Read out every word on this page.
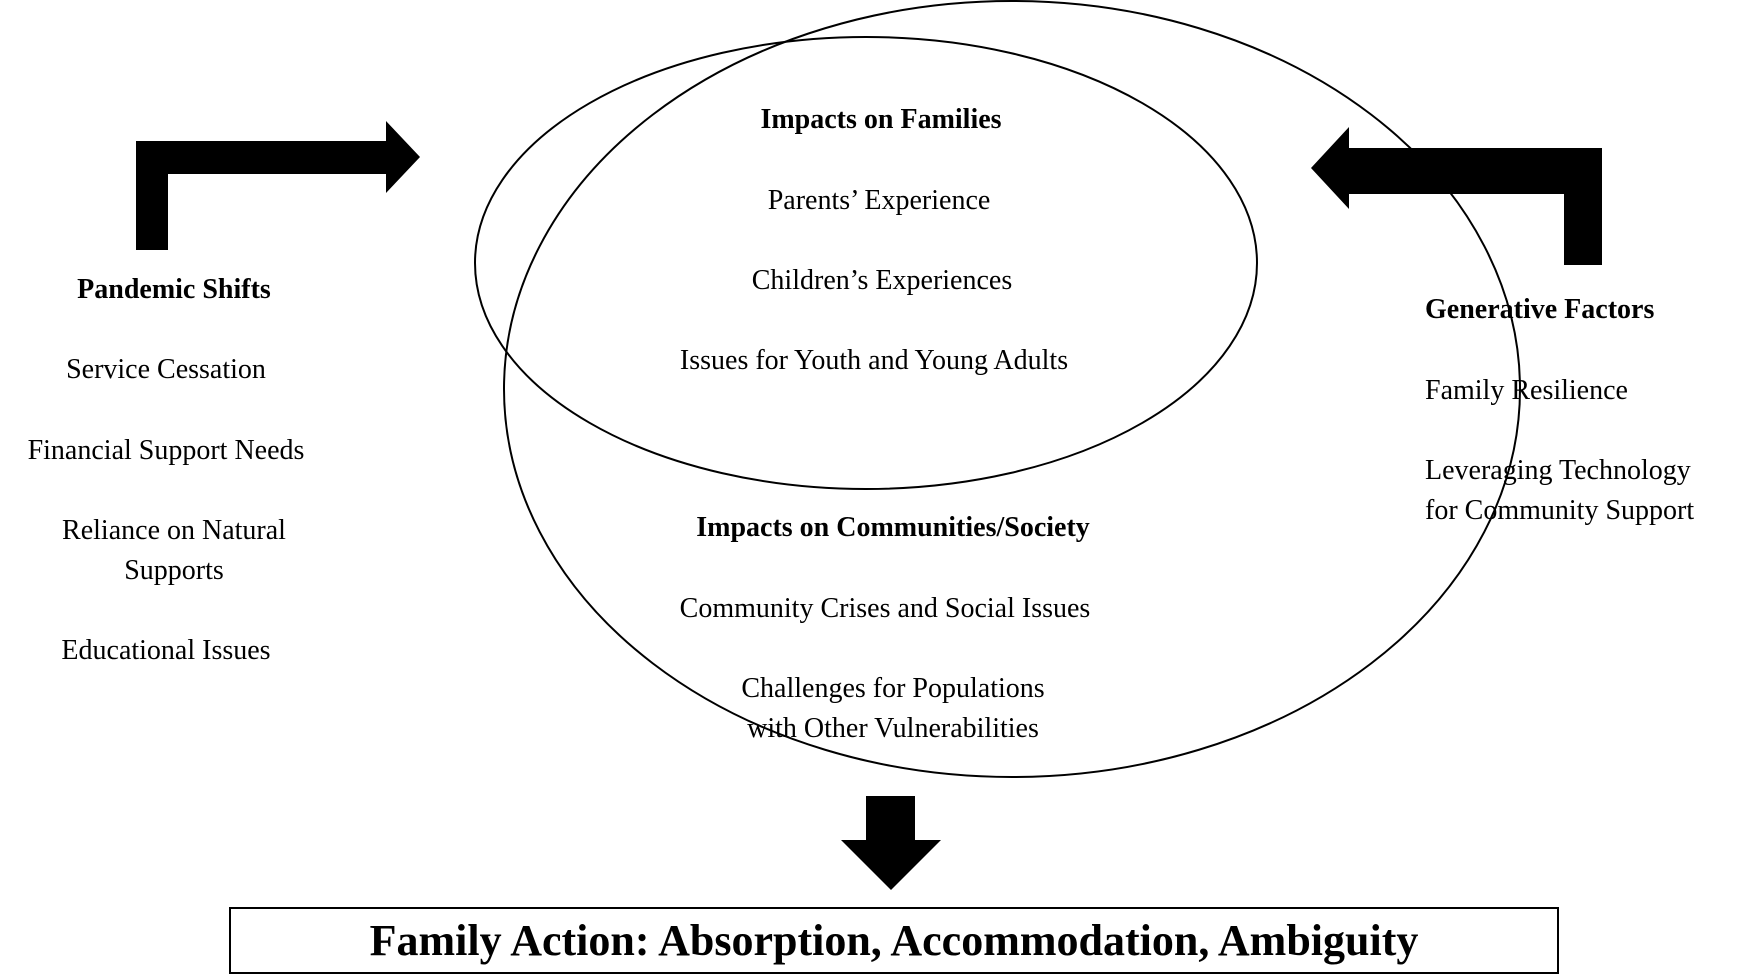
Pandemic Shifts
Service Cessation
Financial Support Needs
Reliance on Natural
Supports
Educational Issues
Impacts on Families
Parents’ Experience
Children’s Experiences
Issues for Youth and Young Adults
Impacts on Communities/Society
Community Crises and Social Issues
Challenges for Populations
with Other Vulnerabilities
Generative Factors
Family Resilience
Leveraging Technology
for Community Support
Family Action: Absorption, Accommodation, Ambiguity
